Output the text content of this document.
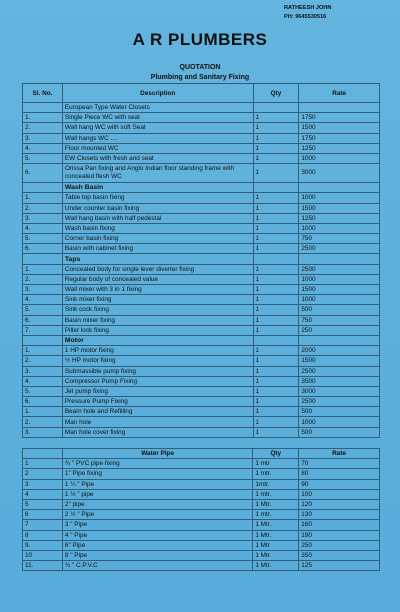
RATHEESH JOHN
PH: 9645530516
A R PLUMBERS
QUOTATION
Plumbing and Sanitary Fixing
Sl. No.	Description	Qty	Rate
	European Type Water Closets		
1.	Single Piece WC with seat	1	1750
2.	Wall hang WC with soft Seat	1	1500
3.	Wall hangs WC ....	1	1750
4.	Floor mounted WC	1	1250
5.	EW Closets with fresh and seat	1	1000
6.	Orissa Pan fixing and Anglo Indian floor standing frame with concealed flesh WC	1	3000
	Wash Basin		
1.	Table top basin fixing	1	1000
2.	Under counter basin fixing	1	1500
3.	Wall hang basin with half pedestal	1	1250
4.	Wash basin fixing	1	1000
5.	Corner basin fixing	1	750
6.	Basin with cabinet fixing	1	2500
	Taps		
1.	Concealed body for single lever diverter fixing	1	2500
2.	Regular body of concealed value	1	1000
3.	Wall mixer with 3 in 1 fixing	1	1500
4.	Sink mixer fixing	1	1000
5.	Sink cock fixing	1	500
6.	Basin mixer fixing	1	750
7.	Piller lock fixing	1	250
	Motor		
1.	1 HP motor fixing	1	2000
2.	½ HP motor fixing	1	1500
3.	Submassible pump fixing	1	2500
4.	Compressor Pump Fixing	1	3500
5.	Jet pump fixing	1	3000
6.	Pressure Pump Fixing	1	2500
1.	Beam hole and Refilling	1	500
2.	Man hole	1	1000
3.	Man hole cover fixing	1	500
	Water Pipe	Qty	Rate
1	¾ " PVC pipe fixing	1 mtr	70
2	1" Pipe fixing	1 mtr.	80
3	1 ¼ " Pipe	1mtr.	90
4	1 ½ " pipe	1 mtr.	100
5	2" pipe	1 Mtr.	120
6	2 ½ " Pipe	1 mtr.	130
7	3 " Pipe	1 Mtr.	160
8	4 " Pipe	1 Mtr.	190
9.	6" Pipe	1 Mtr	250
10	8 " Pipe	1 Mtr.	350
11.	¾ " C.P.V.C	1 Mtr.	125
